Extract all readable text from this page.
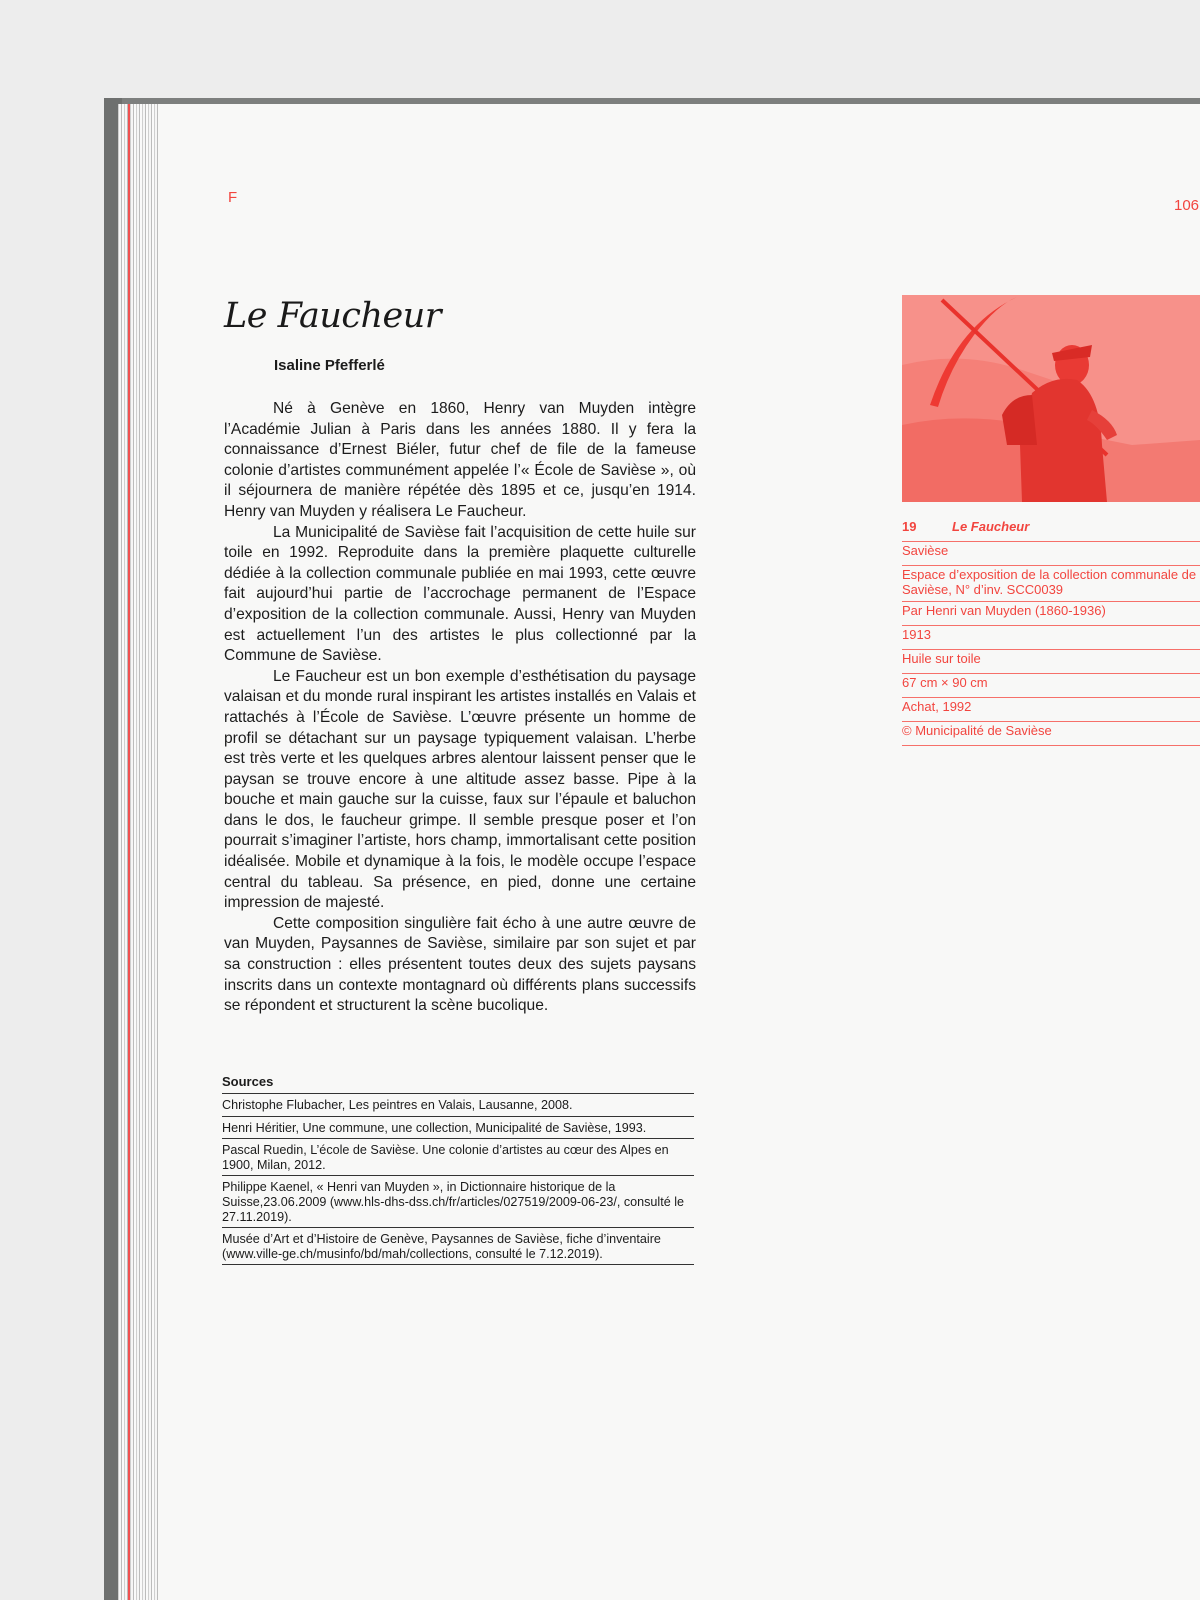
F	106
Le Faucheur
Isaline Pfefferlé

Né à Genève en 1860, Henry van Muyden intègre l’Académie Julian à Paris dans les années 1880. Il y fera la connaissance d’Ernest Biéler, futur chef de file de la fameuse colonie d’artistes communément appelée l’« École de Savièse », où il séjournera de manière répétée dès 1895 et ce, jusqu’en 1914. Henry van Muyden y réalisera Le Faucheur.

La Municipalité de Savièse fait l’acquisition de cette huile sur toile en 1992. Reproduite dans la première plaquette culturelle dédiée à la collection communale publiée en mai 1993, cette œuvre fait aujourd’hui partie de l’accrochage permanent de l’Espace d’exposition de la collection communale. Aussi, Henry van Muyden est actuellement l’un des artistes le plus collectionné par la Commune de Savièse.

Le Faucheur est un bon exemple d’esthétisation du paysage valaisan et du monde rural inspirant les artistes installés en Valais et rattachés à l’École de Savièse. L’œuvre présente un homme de profil se détachant sur un paysage typiquement valaisan. L’herbe est très verte et les quelques arbres alentour laissent penser que le paysan se trouve encore à une altitude assez basse. Pipe à la bouche et main gauche sur la cuisse, faux sur l’épaule et baluchon dans le dos, le faucheur grimpe. Il semble presque poser et l’on pourrait s’imaginer l’artiste, hors champ, immortalisant cette position idéalisée. Mobile et dynamique à la fois, le modèle occupe l’espace central du tableau. Sa présence, en pied, donne une certaine impression de majesté.

Cette composition singulière fait écho à une autre œuvre de van Muyden, Paysannes de Savièse, similaire par son sujet et par sa construction : elles présentent toutes deux des sujets paysans inscrits dans un contexte montagnard où différents plans successifs se répondent et structurent la scène bucolique.

Sources
Christophe Flubacher, Les peintres en Valais, Lausanne, 2008.
Henri Héritier, Une commune, une collection, Municipalité de Savièse, 1993.
Pascal Ruedin, L’école de Savièse. Une colonie d’artistes au cœur des Alpes en 1900, Milan, 2012.
Philippe Kaenel, « Henri van Muyden », in Dictionnaire historique de la Suisse,23.06.2009 (www.hls-dhs-dss.ch/fr/articles/027519/2009-06-23/, consulté le 27.11.2019).
Musée d’Art et d’Histoire de Genève, Paysannes de Savièse, fiche d’inventaire (www.ville-ge.ch/musinfo/bd/mah/collections, consulté le 7.12.2019).
19	Le Faucheur
Savièse
Espace d’exposition de la collection communale de Savièse, N° d’inv. SCC0039
Par Henri van Muyden (1860-1936)
1913
Huile sur toile
67 cm × 90 cm
Achat, 1992
© Municipalité de Savièse
